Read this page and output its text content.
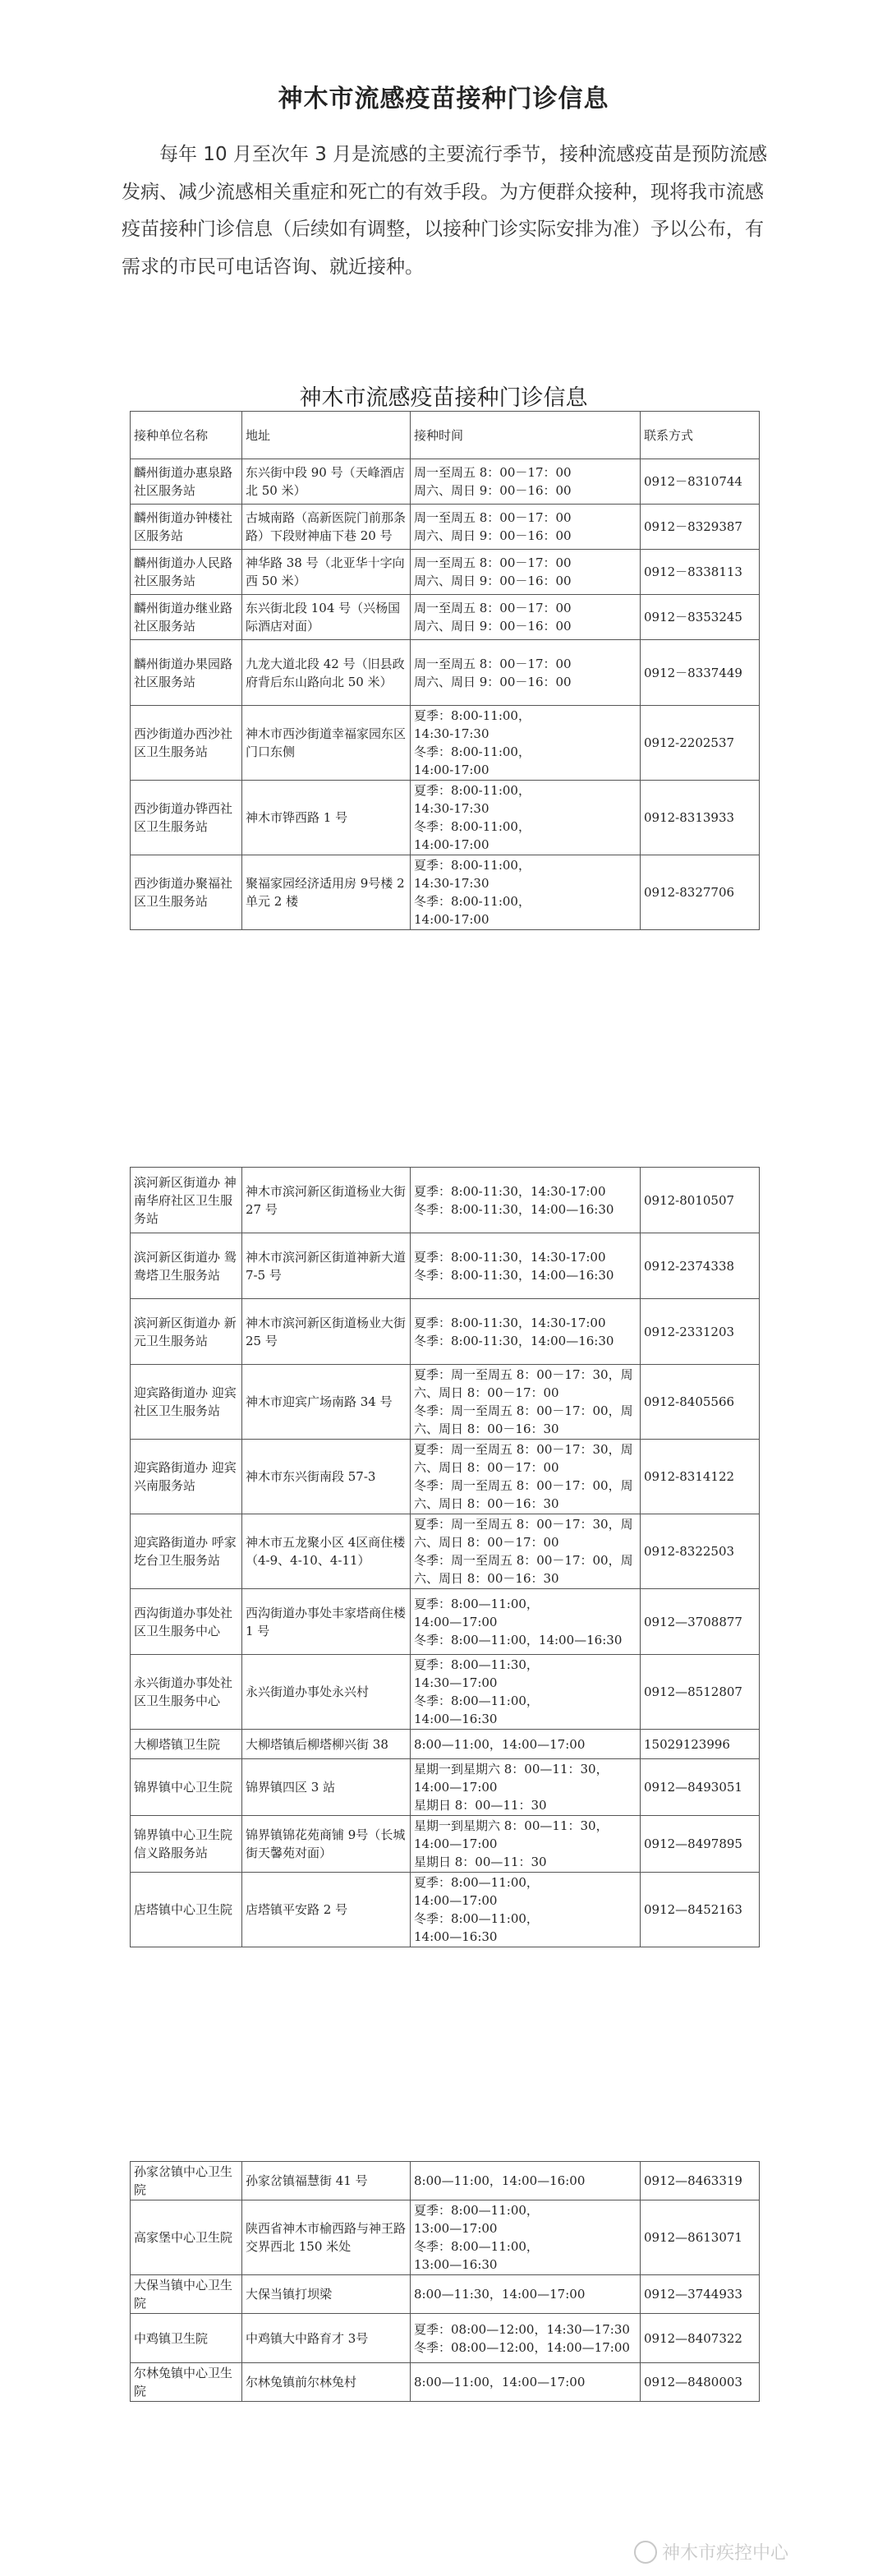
神木市流感疫苗接种门诊信息

每年 10 月至次年 3 月是流感的主要流行季节，接种流感疫苗是预防流感发病、减少流感相关重症和死亡的有效手段。为方便群众接种，现将我市流感疫苗接种门诊信息（后续如有调整，以接种门诊实际安排为准）予以公布，有需求的市民可电话咨询、就近接种。

神木市流感疫苗接种门诊信息
接种单位名称	地址	接种时间	联系方式
麟州街道办惠泉路社区服务站	东兴街中段 90 号（天峰酒店北 50 米）	周一至周五 8：00－17：00
周六、周日 9：00－16：00	0912－8310744
麟州街道办钟楼社区服务站	古城南路（高新医院门前那条路）下段财神庙下巷 20 号	周一至周五 8：00－17：00
周六、周日 9：00－16：00	0912－8329387
麟州街道办人民路社区服务站	神华路 38 号（北亚华十字向西 50 米）	周一至周五 8：00－17：00
周六、周日 9：00－16：00	0912－8338113
麟州街道办继业路社区服务站	东兴街北段 104 号（兴杨国际酒店对面）	周一至周五 8：00－17：00
周六、周日 9：00－16：00	0912－8353245
麟州街道办果园路社区服务站	九龙大道北段 42 号（旧县政府背后东山路向北 50 米）	周一至周五 8：00－17：00
周六、周日 9：00－16：00	0912－8337449
西沙街道办西沙社区卫生服务站	神木市西沙街道幸福家园东区门口东侧	夏季：8:00-11:00，
14:30-17:30
冬季：8:00-11:00，
14:00-17:00	0912-2202537
西沙街道办铧西社区卫生服务站	神木市铧西路 1 号	夏季：8:00-11:00，
14:30-17:30
冬季：8:00-11:00，
14:00-17:00	0912-8313933
西沙街道办聚福社区卫生服务站	聚福家园经济适用房 9号楼 2 单元 2 楼	夏季：8:00-11:00，
14:30-17:30
冬季：8:00-11:00，
14:00-17:00	0912-8327706
滨河新区街道办 神南华府社区卫生服务站	神木市滨河新区街道杨业大街 27 号	夏季：8:00-11:30，14:30-17:00
冬季：8:00-11:30，14:00—16:30	0912-8010507
滨河新区街道办 鸳鸯塔卫生服务站	神木市滨河新区街道神新大道 7-5 号	夏季：8:00-11:30，14:30-17:00
冬季：8:00-11:30，14:00—16:30	0912-2374338
滨河新区街道办 新元卫生服务站	神木市滨河新区街道杨业大街 25 号	夏季：8:00-11:30，14:30-17:00
冬季：8:00-11:30，14:00—16:30	0912-2331203
迎宾路街道办 迎宾社区卫生服务站	神木市迎宾广场南路 34 号	夏季：周一至周五 8：00－17：30，周六、周日 8：00－17：00
冬季：周一至周五 8：00－17：00，周六、周日 8：00－16：30	0912-8405566
迎宾路街道办 迎宾兴南服务站	神木市东兴街南段 57-3	夏季：周一至周五 8：00－17：30，周六、周日 8：00－17：00
冬季：周一至周五 8：00－17：00，周六、周日 8：00－16：30	0912-8314122
迎宾路街道办 呼家圪台卫生服务站	神木市五龙聚小区 4区商住楼（4-9、4-10、4-11）	夏季：周一至周五 8：00－17：30，周六、周日 8：00－17：00
冬季：周一至周五 8：00－17：00，周六、周日 8：00－16：30	0912-8322503
西沟街道办事处社区卫生服务中心	西沟街道办事处丰家塔商住楼 1 号	夏季：8:00—11:00，
14:00—17:00
冬季：8:00—11:00，14:00—16:30	0912—3708877
永兴街道办事处社区卫生服务中心	永兴街道办事处永兴村	夏季：8:00—11:30，
14:30—17:00
冬季：8:00—11:00，
14:00—16:30	0912—8512807
大柳塔镇卫生院	大柳塔镇后柳塔柳兴街 38	8:00—11:00，14:00—17:00	15029123996
锦界镇中心卫生院	锦界镇四区 3 站	星期一到星期六 8：00—11：30，14:00—17:00
星期日 8：00—11：30	0912—8493051
锦界镇中心卫生院 信义路服务站	锦界镇锦花苑商铺 9号（长城街天馨苑对面）	星期一到星期六 8：00—11：30，14:00—17:00
星期日 8：00—11：30	0912—8497895
店塔镇中心卫生院	店塔镇平安路 2 号	夏季：8:00—11:00，
14:00—17:00
冬季：8:00—11:00，
14:00—16:30	0912—8452163
孙家岔镇中心卫生院	孙家岔镇福慧街 41 号	8:00—11:00，14:00—16:00	0912—8463319
高家堡中心卫生院	陕西省神木市榆西路与神王路交界西北 150 米处	夏季：8:00—11:00，
13:00—17:00
冬季：8:00—11:00，
13:00—16:30	0912—8613071
大保当镇中心卫生院	大保当镇打坝梁	8:00—11:30，14:00—17:00	0912—3744933
中鸡镇卫生院	中鸡镇大中路育才 3号	夏季：08:00—12:00，14:30—17:30
冬季：08:00—12:00，14:00—17:00	0912—8407322
尔林兔镇中心卫生院	尔林兔镇前尔林兔村	8:00—11:00，14:00—17:00	0912—8480003
神木市疾控中心
